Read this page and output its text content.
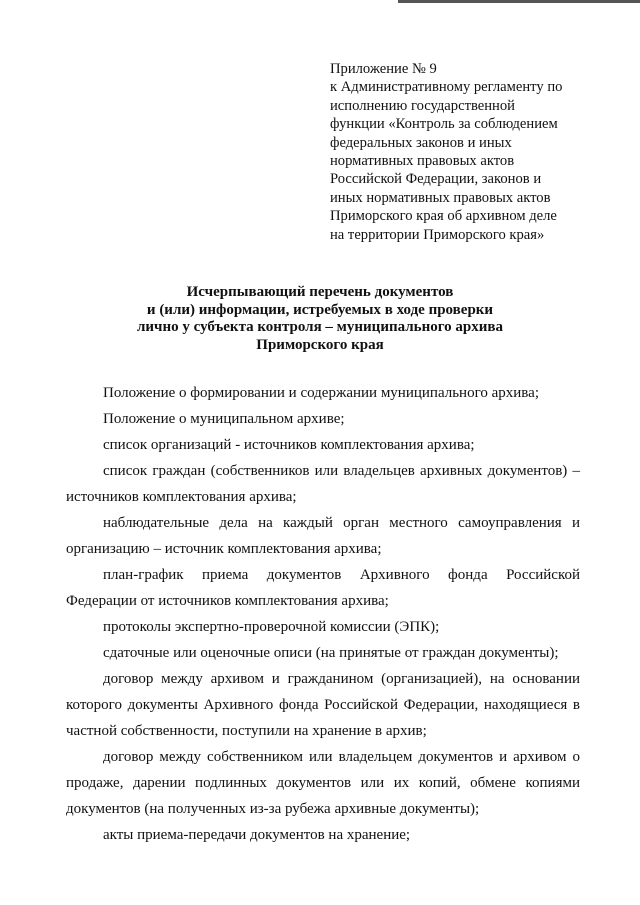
Приложение № 9
к Административному регламенту по
исполнению государственной
функции «Контроль за соблюдением
федеральных законов и иных
нормативных правовых актов
Российской Федерации, законов и
иных нормативных правовых актов
Приморского края об архивном деле
на территории Приморского края»
Исчерпывающий перечень документов
и (или) информации, истребуемых в ходе проверки
лично у субъекта контроля – муниципального архива
Приморского края
Положение о формировании и содержании муниципального архива;
Положение о муниципальном архиве;
список организаций - источников комплектования архива;
список граждан (собственников или владельцев архивных документов) – источников комплектования архива;
наблюдательные дела на каждый орган местного самоуправления и организацию – источник комплектования архива;
план-график приема документов Архивного фонда Российской Федерации от источников комплектования архива;
протоколы экспертно-проверочной комиссии (ЭПК);
сдаточные или оценочные описи (на принятые от граждан документы);
договор между архивом и гражданином (организацией), на основании которого документы Архивного фонда Российской Федерации, находящиеся в частной собственности, поступили на хранение в архив;
договор между собственником или владельцем документов и архивом о продаже, дарении подлинных документов или их копий, обмене копиями документов (на полученных из-за рубежа архивные документы);
акты приема-передачи документов на хранение;
